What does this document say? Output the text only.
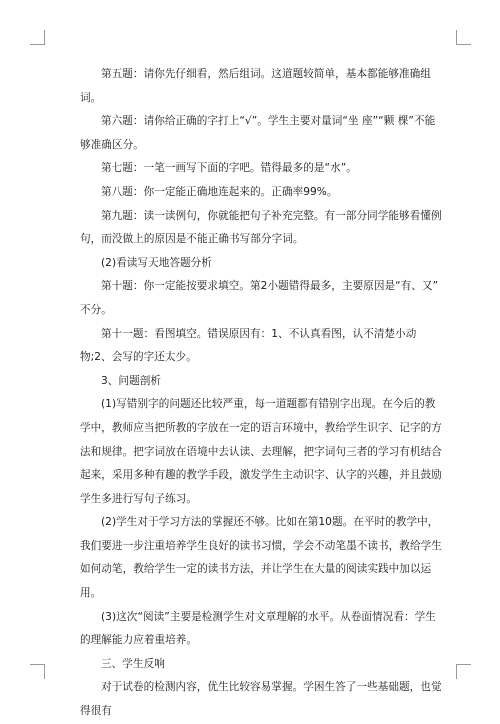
第五题：请你先仔细看，然后组词。这道题较简单，基本都能够准确组词。

第六题：请你给正确的字打上“√”。学生主要对量词“坐 座”“颗 棵”不能够准确区分。

第七题：一笔一画写下面的字吧。错得最多的是“水”。

第八题：你一定能正确地连起来的。正确率99%。

第九题：读一读例句，你就能把句子补充完整。有一部分同学能够看懂例句，而没做上的原因是不能正确书写部分字词。

(2)看读写天地答题分析

第十题：你一定能按要求填空。第2小题错得最多，主要原因是“有、又” 不分。

第十一题：看图填空。错误原因有：1、不认真看图，认不清楚小动物;2、会写的字还太少。

3、问题剖析

(1)写错别字的问题还比较严重，每一道题都有错别字出现。在今后的教学中，教师应当把所教的字放在一定的语言环境中，教给学生识字、记字的方法和规律。把字词放在语境中去认读、去理解，把字词句三者的学习有机结合起来，采用多种有趣的教学手段，激发学生主动识字、认字的兴趣，并且鼓励学生多进行写句子练习。

(2)学生对于学习方法的掌握还不够。比如在第10题。在平时的教学中，我们要进一步注重培养学生良好的读书习惯，学会不动笔墨不读书，教给学生如何动笔，教给学生一定的读书方法，并让学生在大量的阅读实践中加以运用。

(3)这次“阅读”主要是检测学生对文章理解的水平。从卷面情况看：学生的理解能力应着重培养。

三、学生反响

对于试卷的检测内容，优生比较容易掌握。学困生答了一些基础题，也觉得很有
